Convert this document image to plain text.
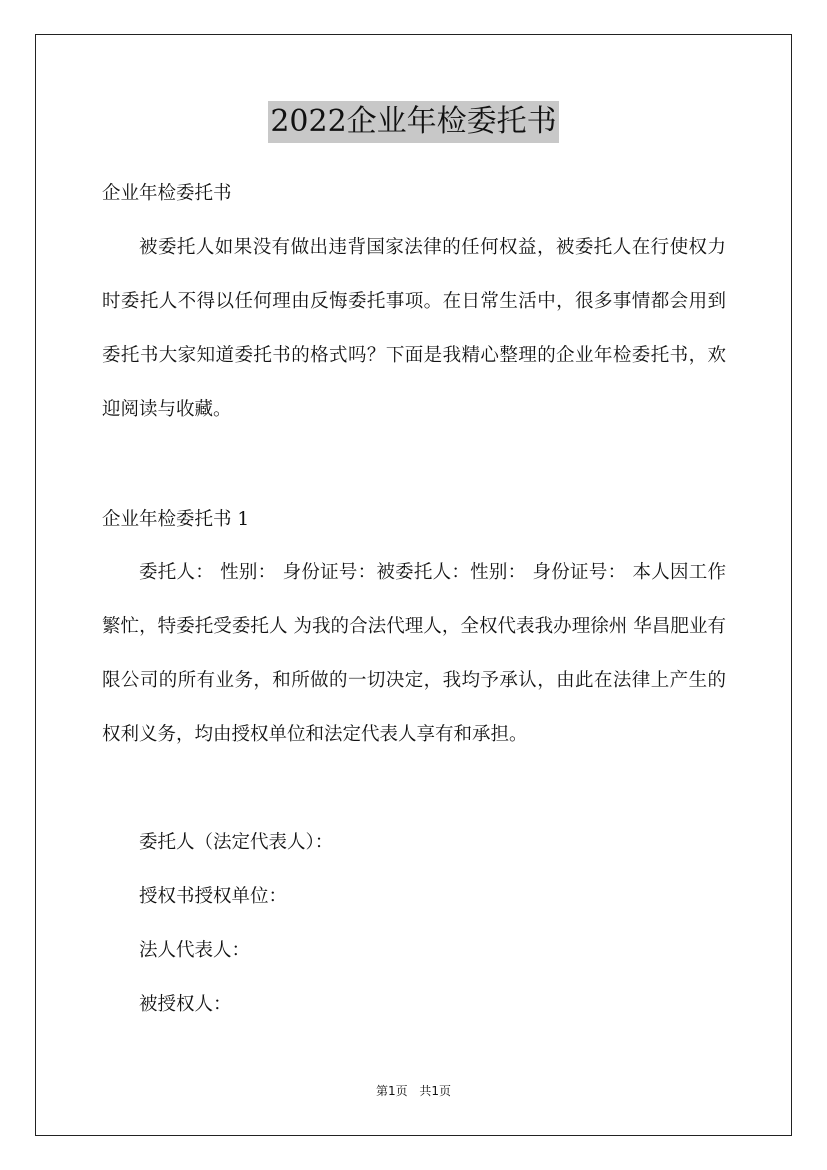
2022企业年检委托书
企业年检委托书

被委托人如果没有做出违背国家法律的任何权益，被委托人在行使权力时委托人不得以任何理由反悔委托事项。在日常生活中，很多事情都会用到委托书大家知道委托书的格式吗？下面是我精心整理的企业年检委托书，欢迎阅读与收藏。

企业年检委托书 1

委托人： 性别： 身份证号：被委托人：性别： 身份证号： 本人因工作繁忙，特委托受委托人 为我的合法代理人，全权代表我办理徐州 华昌肥业有限公司的所有业务，和所做的一切决定，我均予承认，由此在法律上产生的权利义务，均由授权单位和法定代表人享有和承担。

委托人（法定代表人）：
授权书授权单位：
法人代表人：
被授权人：
第1页 共1页
